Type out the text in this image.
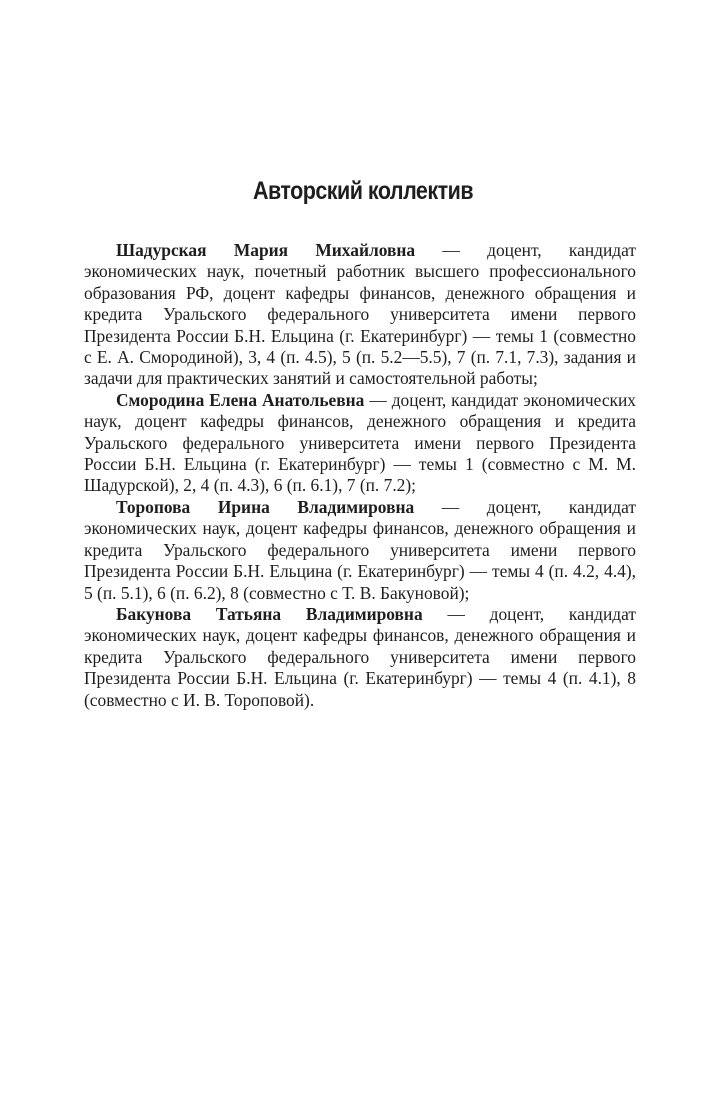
Авторский коллектив

Шадурская Мария Михайловна — доцент, кандидат экономических наук, почетный работник высшего профессионального образования РФ, доцент кафедры финансов, денежного обращения и кредита Уральского федерального университета имени первого Президента России Б.Н. Ельцина (г. Екатеринбург) — темы 1 (совместно с Е. А. Смородиной), 3, 4 (п. 4.5), 5 (п. 5.2—5.5), 7 (п. 7.1, 7.3), задания и задачи для практических занятий и самостоятельной работы;

Смородина Елена Анатольевна — доцент, кандидат экономических наук, доцент кафедры финансов, денежного обращения и кредита Уральского федерального университета имени первого Президента России Б.Н. Ельцина (г. Екатеринбург) — темы 1 (совместно с М. М. Шадурской), 2, 4 (п. 4.3), 6 (п. 6.1), 7 (п. 7.2);

Торопова Ирина Владимировна — доцент, кандидат экономических наук, доцент кафедры финансов, денежного обращения и кредита Уральского федерального университета имени первого Президента России Б.Н. Ельцина (г. Екатеринбург) — темы 4 (п. 4.2, 4.4), 5 (п. 5.1), 6 (п. 6.2), 8 (совместно с Т. В. Бакуновой);

Бакунова Татьяна Владимировна — доцент, кандидат экономических наук, доцент кафедры финансов, денежного обращения и кредита Уральского федерального университета имени первого Президента России Б.Н. Ельцина (г. Екатеринбург) — темы 4 (п. 4.1), 8 (совместно с И. В. Тороповой).
